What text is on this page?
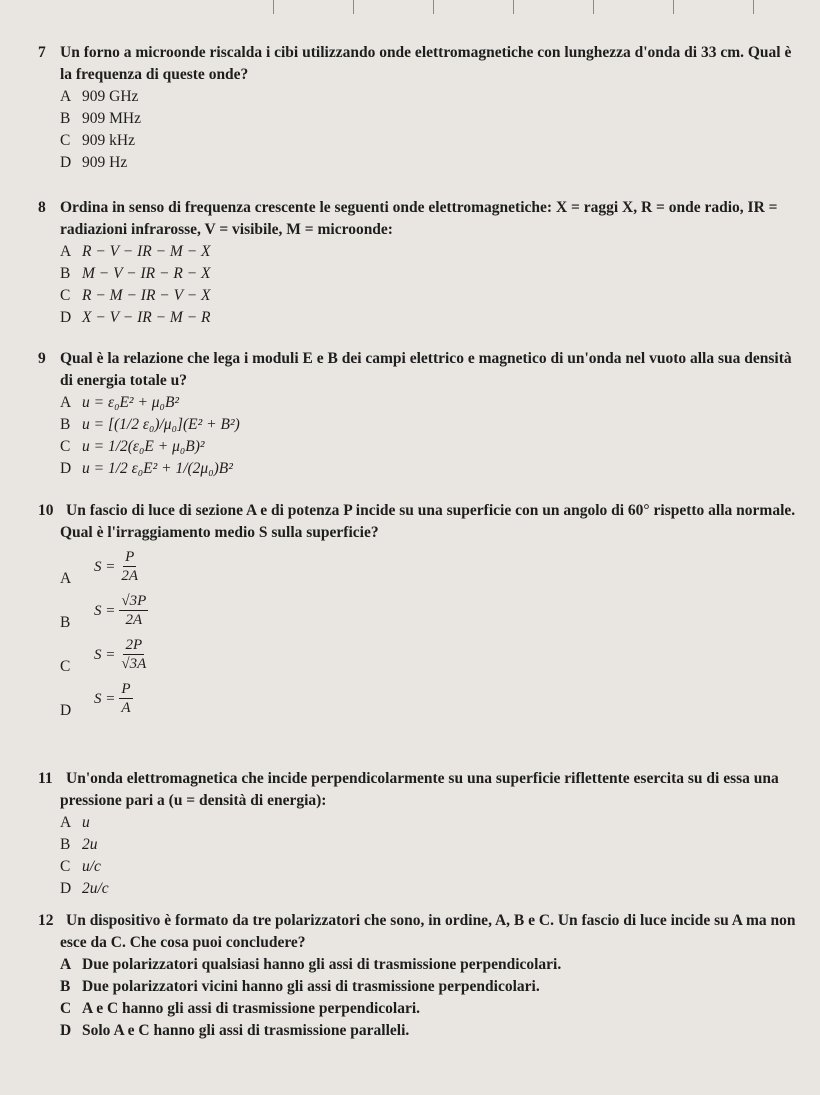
7 Un forno a microonde riscalda i cibi utilizzando onde elettromagnetiche con lunghezza d'onda di 33 cm. Qual è la frequenza di queste onde?
A 909 GHz
B 909 MHz
C 909 kHz
D 909 Hz
8 Ordina in senso di frequenza crescente le seguenti onde elettromagnetiche: X = raggi X, R = onde radio, IR = radiazioni infrarosse, V = visibile, M = microonde:
A R − V − IR − M − X
B M − V − IR − R − X
C R − M − IR − V − X
D X − V − IR − M − R
9 Qual è la relazione che lega i moduli E e B dei campi elettrico e magnetico di un'onda nel vuoto alla sua densità di energia totale u?
A u = ε₀E² + μ₀B²
B u = [(1/2 ε₀)/μ₀](E² + B²)
C u = 1/2(ε₀E + μ₀B)²
D u = 1/2 ε₀E² + 1/(2μ₀)B²
10 Un fascio di luce di sezione A e di potenza P incide su una superficie con un angolo di 60° rispetto alla normale. Qual è l'irraggiamento medio S sulla superficie?
A
$S = \frac{P}{2A}$
B
$S = \frac{√3P}{2A}$
C
$S = \frac{2P}{√3A}$
D
$S = \frac{P}{A}$
11 Un'onda elettromagnetica che incide perpendicolarmente su una superficie riflettente esercita su di essa una pressione pari a (u = densità di energia):
A u
B 2u
C u/c
D 2u/c
12 Un dispositivo è formato da tre polarizzatori che sono, in ordine, A, B e C. Un fascio di luce incide su A ma non esce da C. Che cosa puoi concludere?
A Due polarizzatori qualsiasi hanno gli assi di trasmissione perpendicolari.
B Due polarizzatori vicini hanno gli assi di trasmissione perpendicolari.
C A e C hanno gli assi di trasmissione perpendicolari.
D Solo A e C hanno gli assi di trasmissione paralleli.
